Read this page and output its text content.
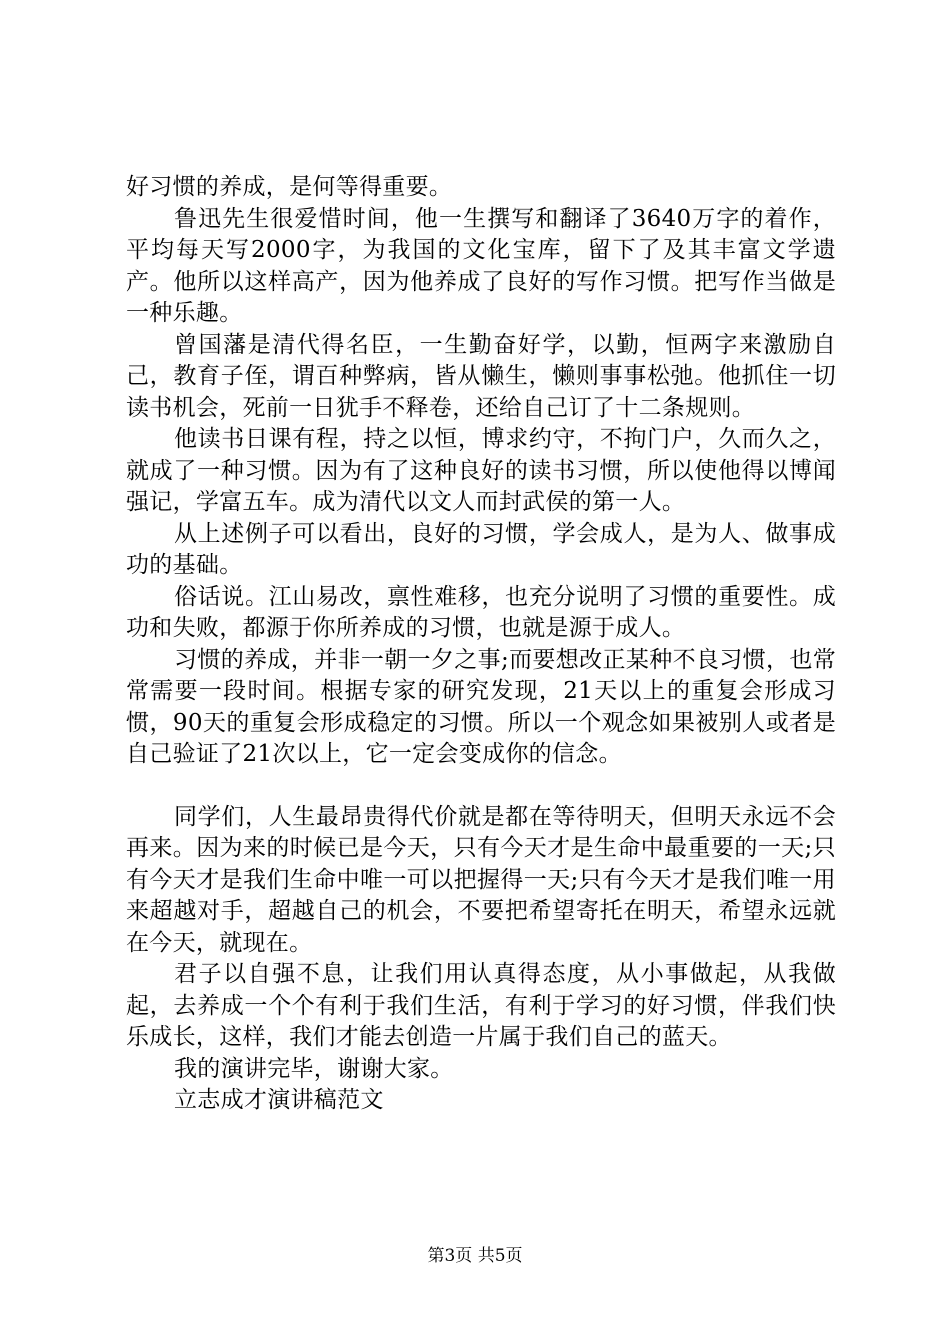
好习惯的养成，是何等得重要。

鲁迅先生很爱惜时间，他一生撰写和翻译了3640万字的着作，平均每天写2000字，为我国的文化宝库，留下了及其丰富文学遗产。他所以这样高产，因为他养成了良好的写作习惯。把写作当做是一种乐趣。

曾国藩是清代得名臣，一生勤奋好学，以勤，恒两字来激励自己，教育子侄，谓百种弊病，皆从懒生，懒则事事松弛。他抓住一切读书机会，死前一日犹手不释卷，还给自己订了十二条规则。

他读书日课有程，持之以恒，博求约守，不拘门户，久而久之，就成了一种习惯。因为有了这种良好的读书习惯，所以使他得以博闻强记，学富五车。成为清代以文人而封武侯的第一人。

从上述例子可以看出，良好的习惯，学会成人，是为人、做事成功的基础。

俗话说。江山易改，禀性难移，也充分说明了习惯的重要性。成功和失败，都源于你所养成的习惯，也就是源于成人。

习惯的养成，并非一朝一夕之事;而要想改正某种不良习惯，也常常需要一段时间。根据专家的研究发现，21天以上的重复会形成习惯，90天的重复会形成稳定的习惯。所以一个观念如果被别人或者是自己验证了21次以上，它一定会变成你的信念。

同学们，人生最昂贵得代价就是都在等待明天，但明天永远不会再来。因为来的时候已是今天，只有今天才是生命中最重要的一天;只有今天才是我们生命中唯一可以把握得一天;只有今天才是我们唯一用来超越对手，超越自己的机会，不要把希望寄托在明天，希望永远就在今天，就现在。

君子以自强不息，让我们用认真得态度，从小事做起，从我做起，去养成一个个有利于我们生活，有利于学习的好习惯，伴我们快乐成长，这样，我们才能去创造一片属于我们自己的蓝天。

我的演讲完毕，谢谢大家。

立志成才演讲稿范文

第3页 共5页
